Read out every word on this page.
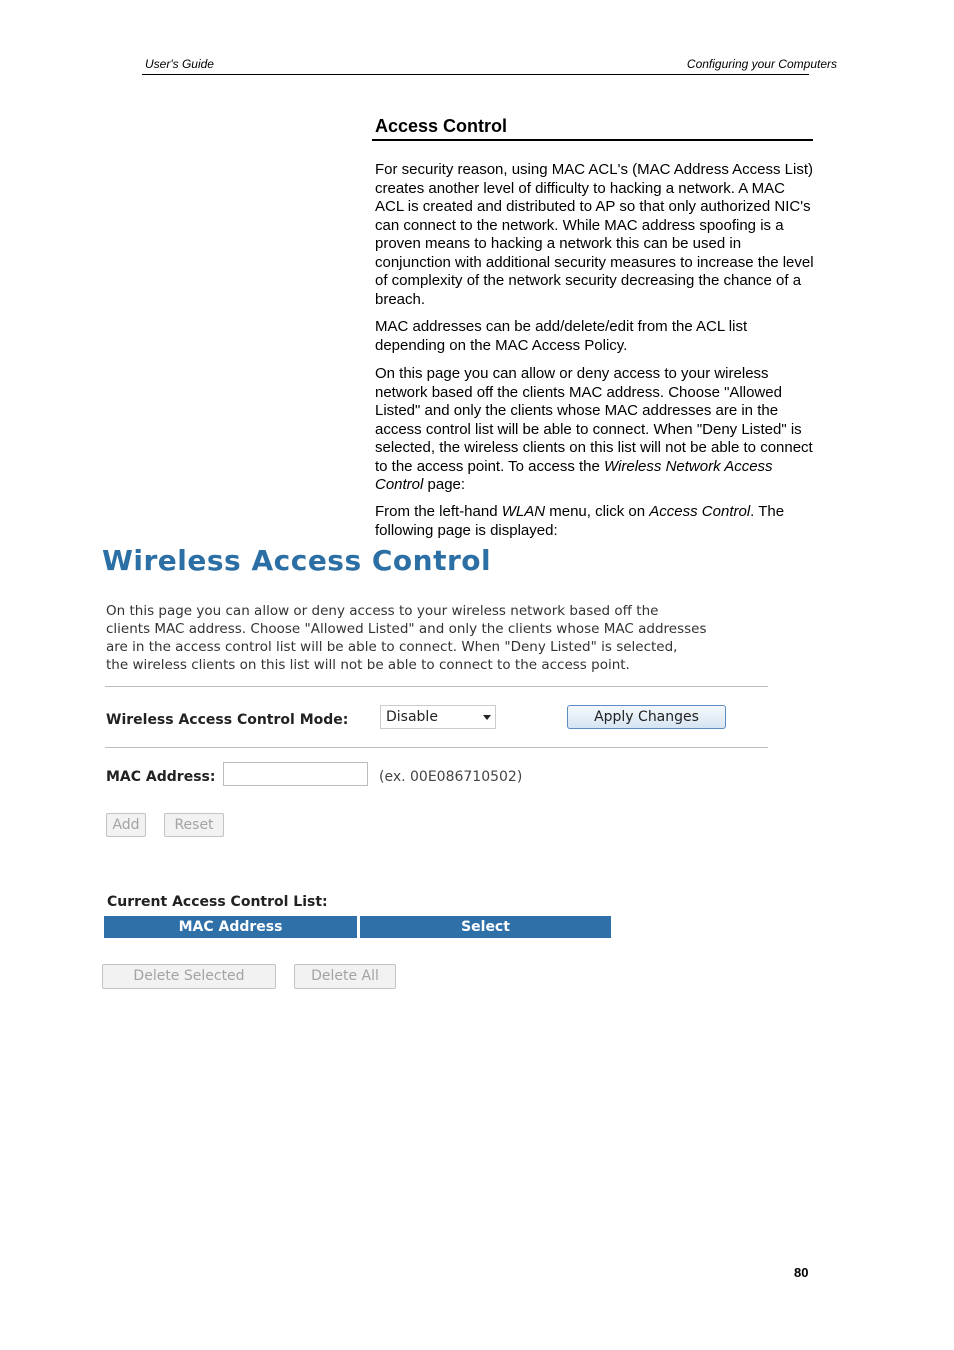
User's Guide	Configuring your Computers
Access Control

For security reason, using MAC ACL's (MAC Address Access List) creates another level of difficulty to hacking a network. A MAC ACL is created and distributed to AP so that only authorized NIC's can connect to the network. While MAC address spoofing is a proven means to hacking a network this can be used in conjunction with additional security measures to increase the level of complexity of the network security decreasing the chance of a breach.

MAC addresses can be add/delete/edit from the ACL list depending on the MAC Access Policy.

On this page you can allow or deny access to your wireless network based off the clients MAC address. Choose "Allowed Listed" and only the clients whose MAC addresses are in the access control list will be able to connect. When "Deny Listed" is selected, the wireless clients on this list will not be able to connect to the access point. To access the Wireless Network Access Control page:

From the left-hand WLAN menu, click on Access Control. The following page is displayed:

Wireless Access Control
On this page you can allow or deny access to your wireless network based off the
clients MAC address. Choose "Allowed Listed" and only the clients whose MAC addresses
are in the access control list will be able to connect. When "Deny Listed" is selected,
the wireless clients on this list will not be able to connect to the access point.
Wireless Access Control Mode:	Disable	Apply Changes
MAC Address:	(ex. 00E086710502)
Add	Reset
Current Access Control List:
MAC Address	Select
Delete Selected	Delete All
80
